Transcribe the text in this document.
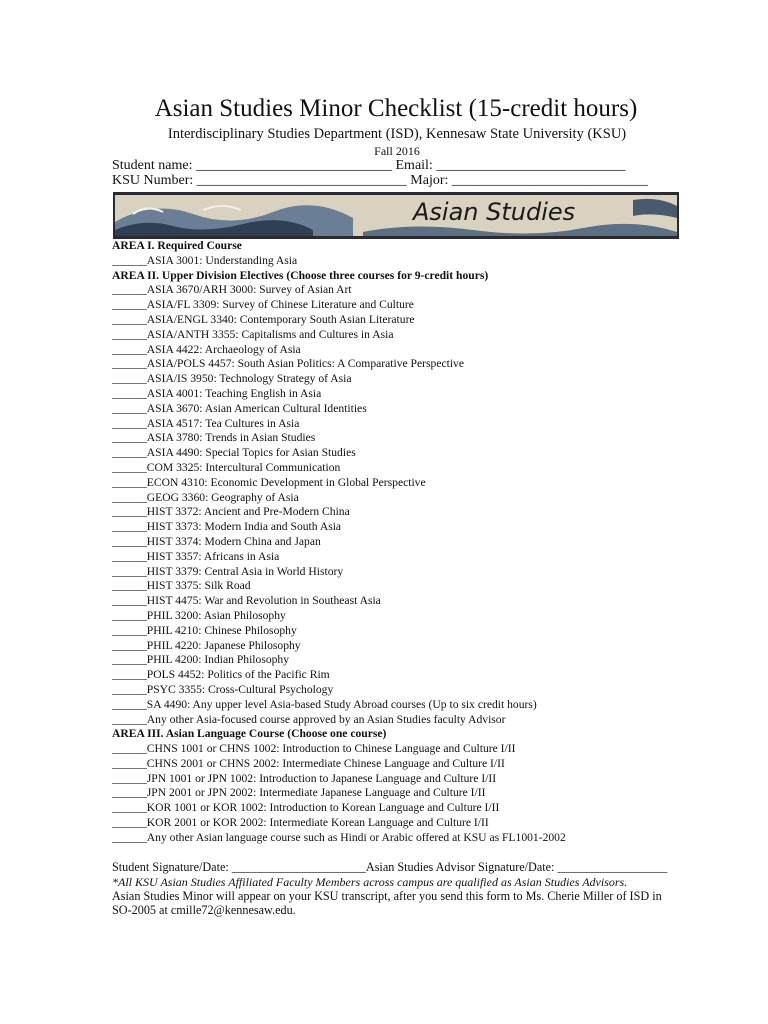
Asian Studies Minor Checklist (15-credit hours)
Interdisciplinary Studies Department (ISD), Kennesaw State University (KSU)
Fall 2016
Student name: ____________________________ Email: ___________________________
KSU Number: ______________________________ Major: ____________________________
Asian Studies
AREA I. Required Course
______ASIA 3001: Understanding Asia
AREA II. Upper Division Electives (Choose three courses for 9-credit hours)
______ASIA 3670/ARH 3000: Survey of Asian Art
______ASIA/FL 3309: Survey of Chinese Literature and Culture
______ASIA/ENGL 3340: Contemporary South Asian Literature
______ASIA/ANTH 3355: Capitalisms and Cultures in Asia
______ASIA 4422: Archaeology of Asia
______ASIA/POLS 4457: South Asian Politics: A Comparative Perspective
______ASIA/IS 3950: Technology Strategy of Asia
______ASIA 4001: Teaching English in Asia
______ASIA 3670: Asian American Cultural Identities
______ASIA 4517: Tea Cultures in Asia
______ASIA 3780: Trends in Asian Studies
______ASIA 4490: Special Topics for Asian Studies
______COM 3325: Intercultural Communication
______ECON 4310: Economic Development in Global Perspective
______GEOG 3360: Geography of Asia
______HIST 3372: Ancient and Pre-Modern China
______HIST 3373: Modern India and South Asia
______HIST 3374: Modern China and Japan
______HIST 3357: Africans in Asia
______HIST 3379: Central Asia in World History
______HIST 3375: Silk Road
______HIST 4475: War and Revolution in Southeast Asia
______PHIL 3200: Asian Philosophy
______PHIL 4210: Chinese Philosophy
______PHIL 4220: Japanese Philosophy
______PHIL 4200: Indian Philosophy
______POLS 4452: Politics of the Pacific Rim
______PSYC 3355: Cross-Cultural Psychology
______SA 4490: Any upper level Asia-based Study Abroad courses (Up to six credit hours)
______Any other Asia-focused course approved by an Asian Studies faculty Advisor
AREA III. Asian Language Course (Choose one course)
______CHNS 1001 or CHNS 1002: Introduction to Chinese Language and Culture I/II
______CHNS 2001 or CHNS 2002: Intermediate Chinese Language and Culture I/II
______JPN 1001 or JPN 1002: Introduction to Japanese Language and Culture I/II
______JPN 2001 or JPN 2002: Intermediate Japanese Language and Culture I/II
______KOR 1001 or KOR 1002: Introduction to Korean Language and Culture I/II
______KOR 2001 or KOR 2002: Intermediate Korean Language and Culture I/II
______Any other Asian language course such as Hindi or Arabic offered at KSU as FL1001-2002
Student Signature/Date: ______________________Asian Studies Advisor Signature/Date: __________________
*All KSU Asian Studies Affiliated Faculty Members across campus are qualified as Asian Studies Advisors.
Asian Studies Minor will appear on your KSU transcript, after you send this form to Ms. Cherie Miller of ISD in SO-2005 at cmille72@kennesaw.edu.
